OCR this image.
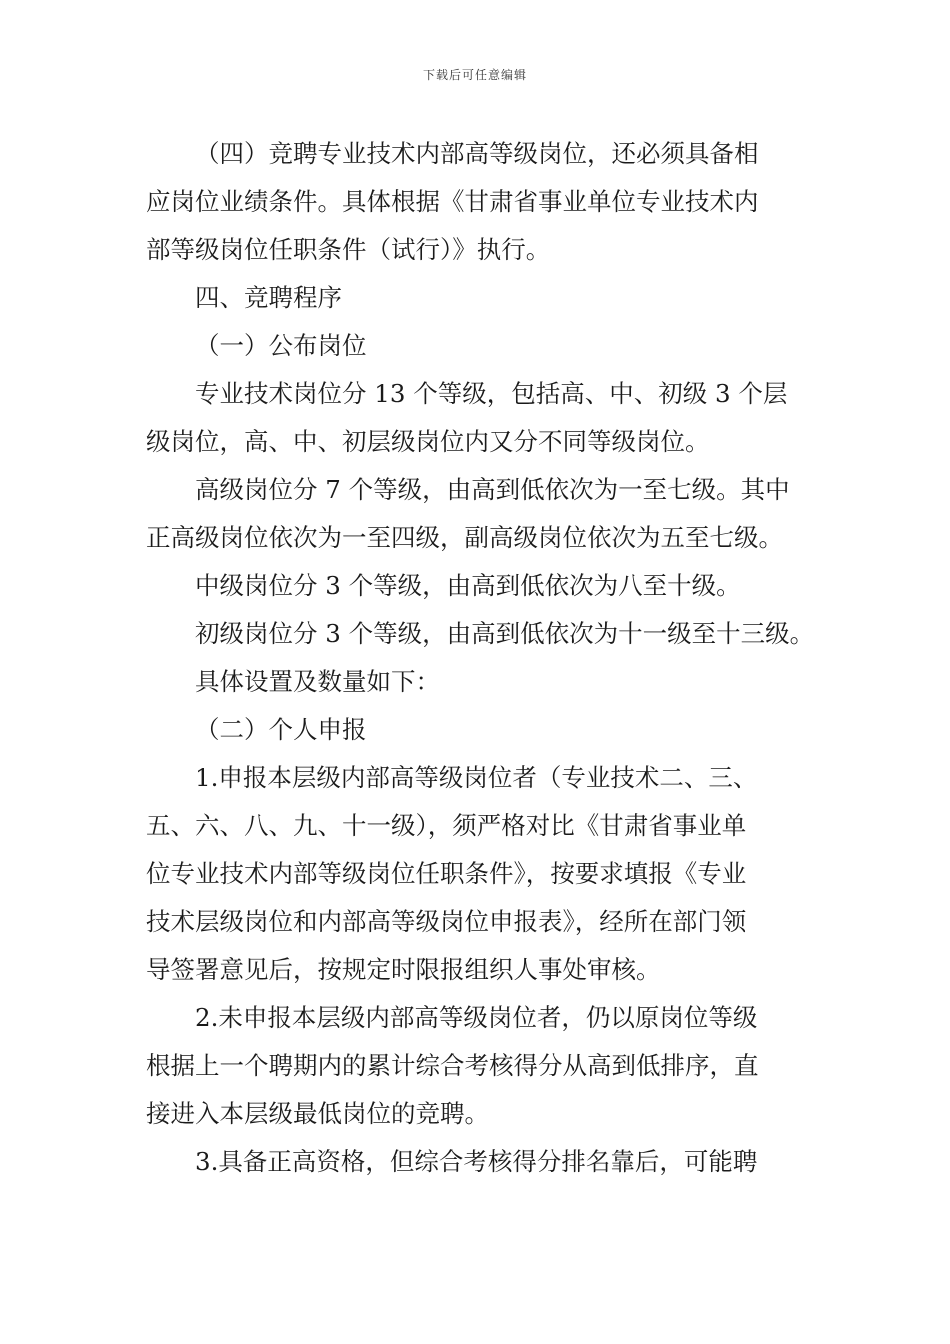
下载后可任意编辑

（四）竞聘专业技术内部高等级岗位，还必须具备相

应岗位业绩条件。具体根据《甘肃省事业单位专业技术内

部等级岗位任职条件（试行）》执行。

四、竞聘程序

（一）公布岗位

专业技术岗位分 13 个等级，包括高、中、初级 3 个层

级岗位，高、中、初层级岗位内又分不同等级岗位。

高级岗位分 7 个等级，由高到低依次为一至七级。其中

正高级岗位依次为一至四级，副高级岗位依次为五至七级。

中级岗位分 3 个等级，由高到低依次为八至十级。

初级岗位分 3 个等级，由高到低依次为十一级至十三级。

具体设置及数量如下：

（二）个人申报

1.申报本层级内部高等级岗位者（专业技术二、三、

五、六、八、九、十一级），须严格对比《甘肃省事业单

位专业技术内部等级岗位任职条件》，按要求填报《专业

技术层级岗位和内部高等级岗位申报表》，经所在部门领

导签署意见后，按规定时限报组织人事处审核。

2.未申报本层级内部高等级岗位者，仍以原岗位等级

根据上一个聘期内的累计综合考核得分从高到低排序，直

接进入本层级最低岗位的竞聘。

3.具备正高资格，但综合考核得分排名靠后，可能聘
